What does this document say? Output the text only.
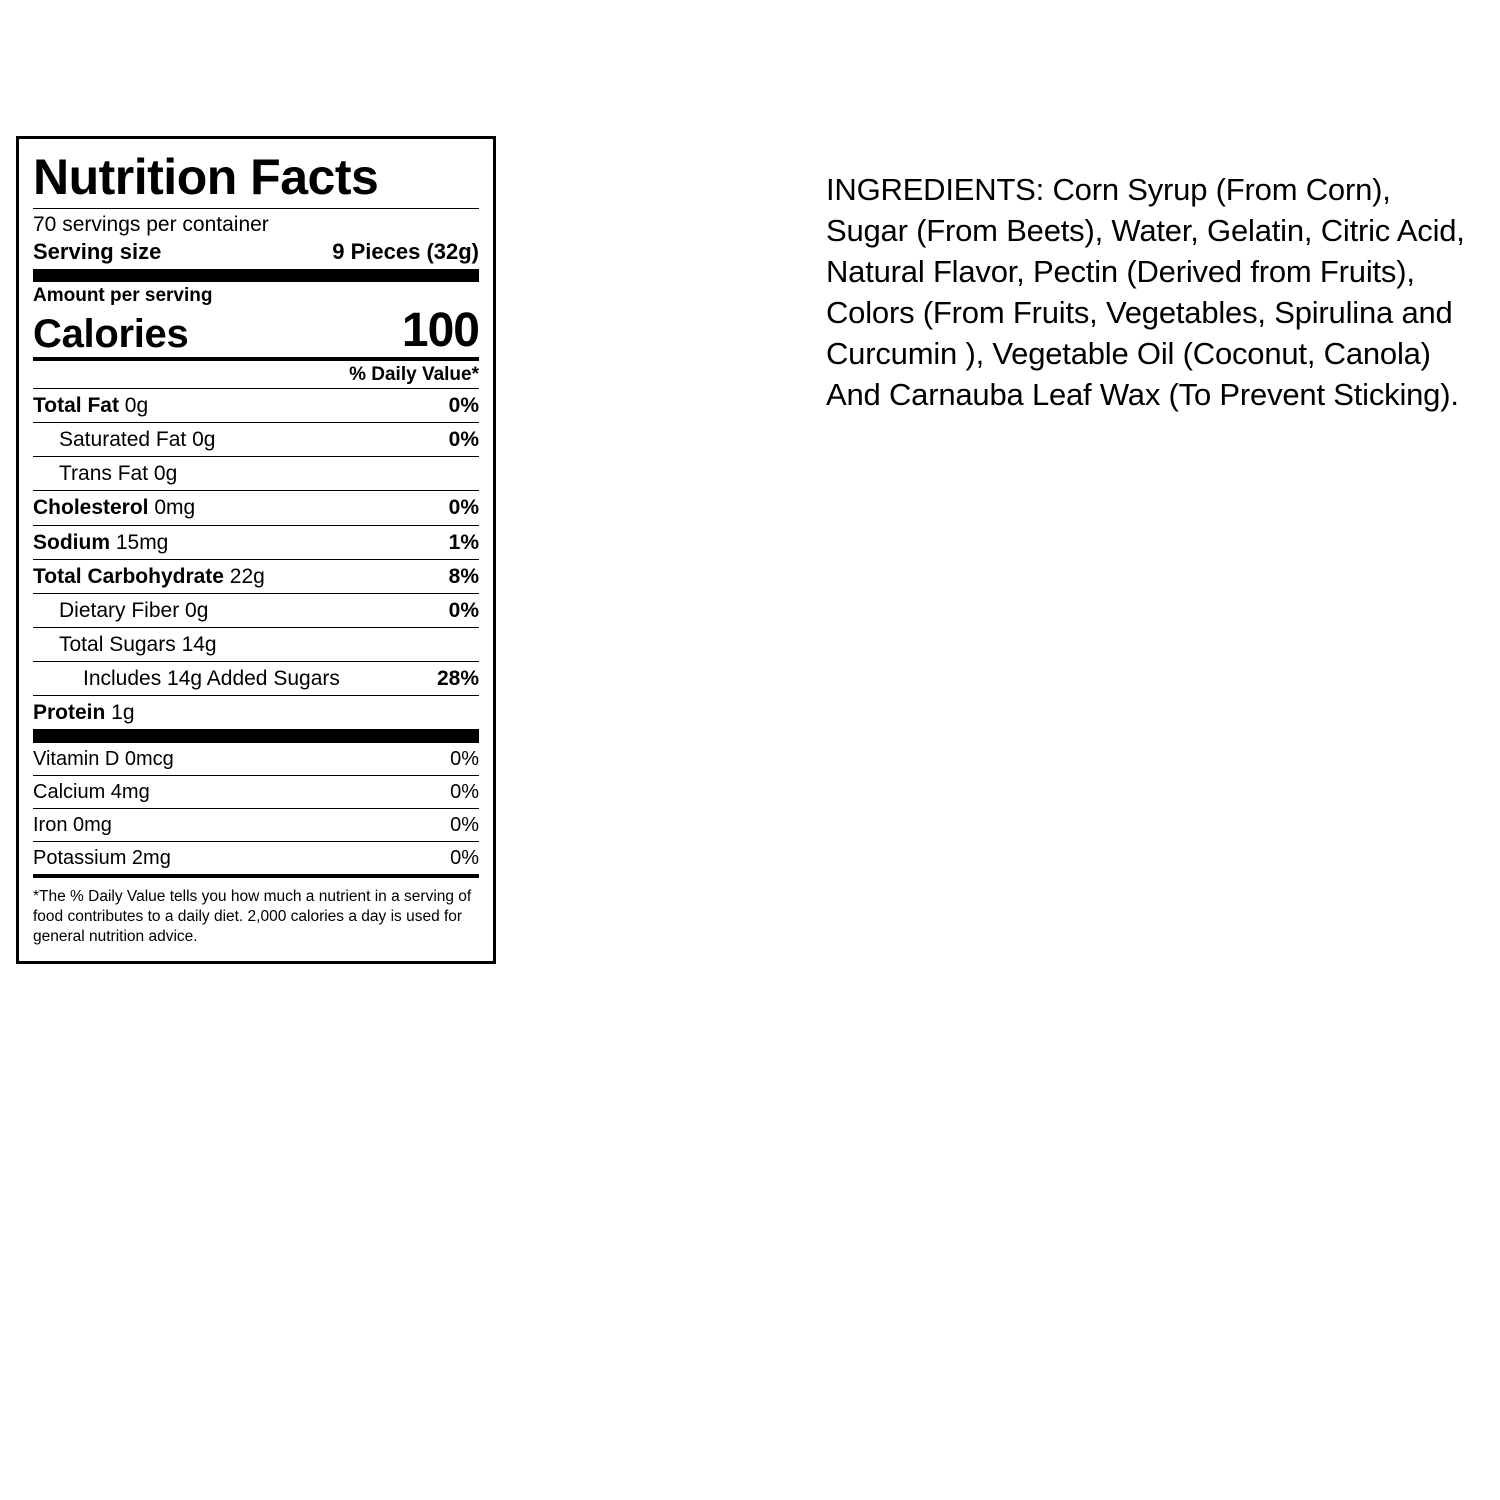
Nutrition Facts
70 servings per container
Serving size	9 Pieces (32g)
Amount per serving
Calories	100
% Daily Value*
Total Fat 0g	0%
Saturated Fat 0g	0%
Trans Fat 0g
Cholesterol 0mg	0%
Sodium 15mg	1%
Total Carbohydrate 22g	8%
Dietary Fiber 0g	0%
Total Sugars 14g
Includes 14g Added Sugars	28%
Protein 1g
Vitamin D 0mcg	0%
Calcium 4mg	0%
Iron 0mg	0%
Potassium 2mg	0%
*The % Daily Value tells you how much a nutrient in a serving of food contributes to a daily diet. 2,000 calories a day is used for general nutrition advice.
INGREDIENTS: Corn Syrup (From Corn), Sugar (From Beets), Water, Gelatin, Citric Acid, Natural Flavor, Pectin (Derived from Fruits), Colors (From Fruits, Vegetables, Spirulina and Curcumin ), Vegetable Oil (Coconut, Canola) And Carnauba Leaf Wax (To Prevent Sticking).
